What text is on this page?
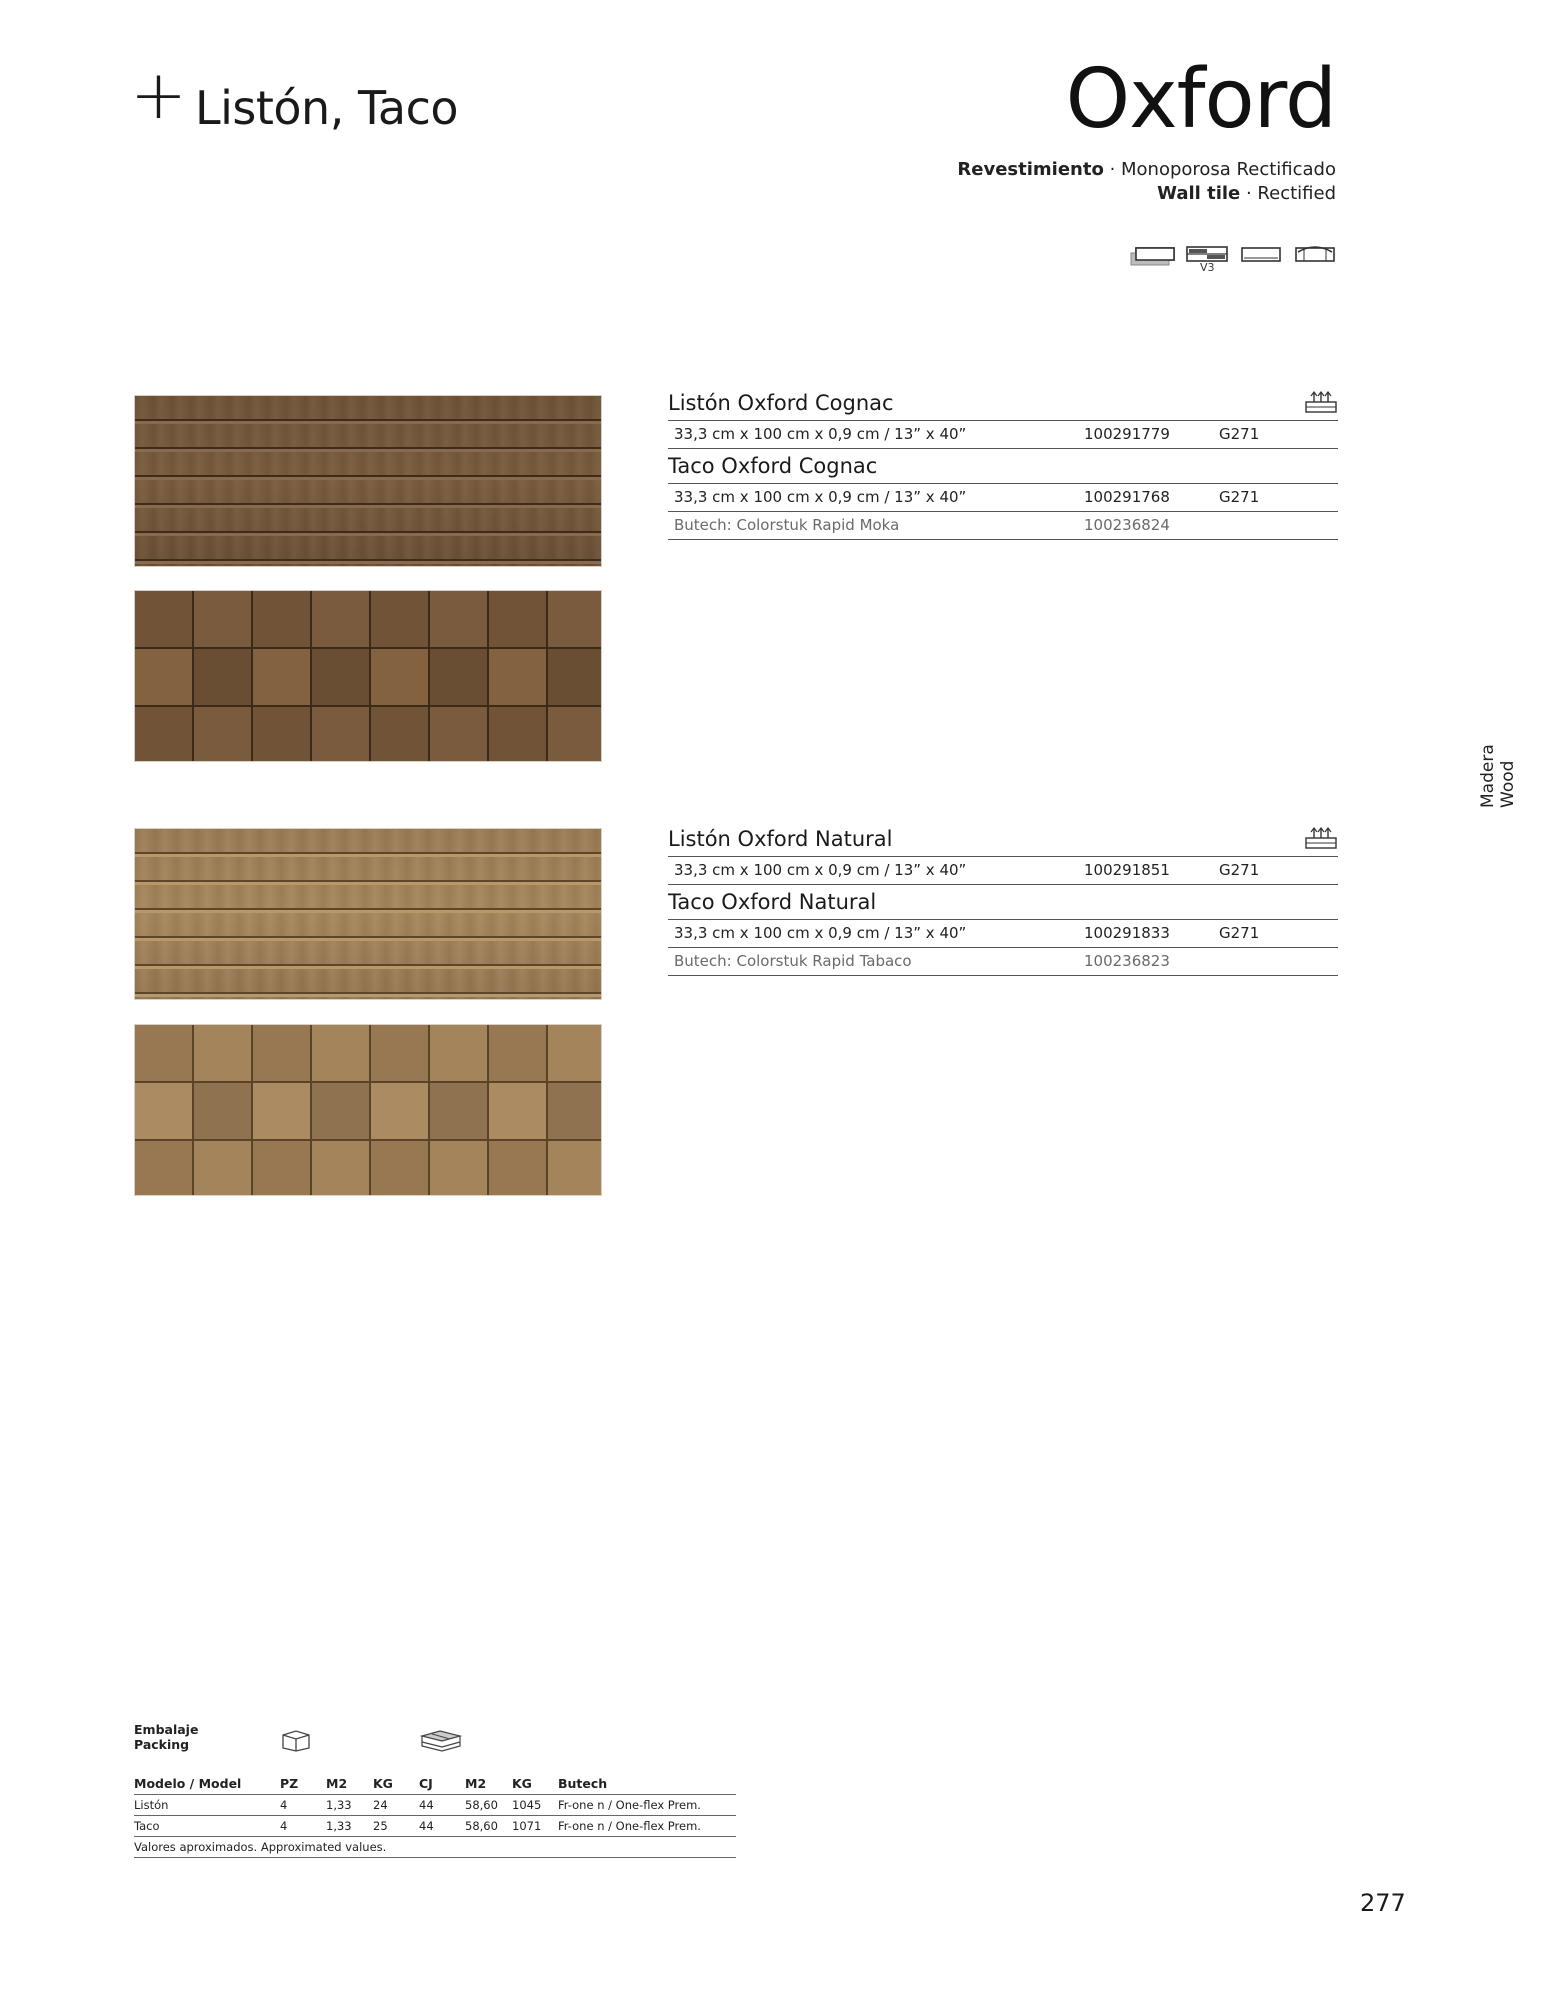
+ Listón, Taco	Oxford
Revestimiento · Monoporosa Rectificado
Wall tile · Rectified
V3
Madera Wood
Listón Oxford Cognac
33,3 cm x 100 cm x 0,9 cm / 13” x 40”	100291779	G271
Taco Oxford Cognac
33,3 cm x 100 cm x 0,9 cm / 13” x 40”	100291768	G271
Butech: Colorstuk Rapid Moka	100236824
Listón Oxford Natural
33,3 cm x 100 cm x 0,9 cm / 13” x 40”	100291851	G271
Taco Oxford Natural
33,3 cm x 100 cm x 0,9 cm / 13” x 40”	100291833	G271
Butech: Colorstuk Rapid Tabaco	100236823
Embalaje
Packing
Modelo / Model	PZ	M2	KG	CJ	M2	KG	Butech
Listón	4	1,33	24	44	58,60	1045	Fr-one n / One-flex Prem.
Taco	4	1,33	25	44	58,60	1071	Fr-one n / One-flex Prem.
Valores aproximados. Approximated values.							
277
